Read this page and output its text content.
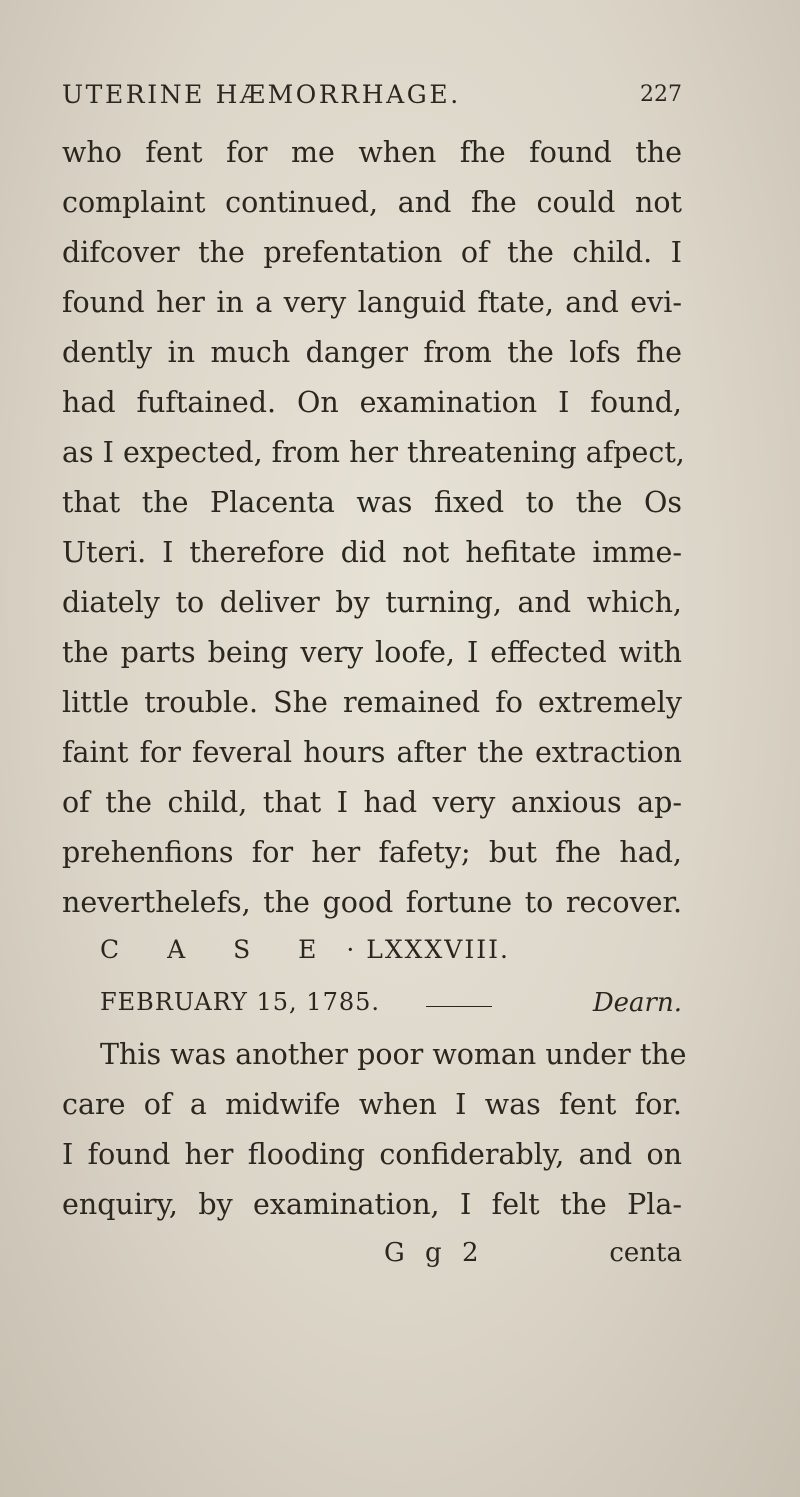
UTERINE HÆMORRHAGE.	227
who fent for me when fhe found the
complaint continued, and fhe could not
difcover the prefentation of the child. I
found her in a very languid ftate, and evi-
dently in much danger from the lofs fhe
had fuftained. On examination I found,
as I expected, from her threatening afpect,
that the Placenta was fixed to the Os
Uteri. I therefore did not hefitate imme-
diately to deliver by turning, and which,
the parts being very loofe, I effected with
little trouble. She remained fo extremely
faint for feveral hours after the extraction
of the child, that I had very anxious ap-
prehenfions for her fafety; but fhe had,
neverthelefs, the good fortune to recover.
C A S E · LXXXVIII.
FEBRUARY 15, 1785.	Dearn.
This was another poor woman under the
care of a midwife when I was fent for.
I found her flooding confiderably, and on
enquiry, by examination, I felt the Pla-
G g 2	centa
